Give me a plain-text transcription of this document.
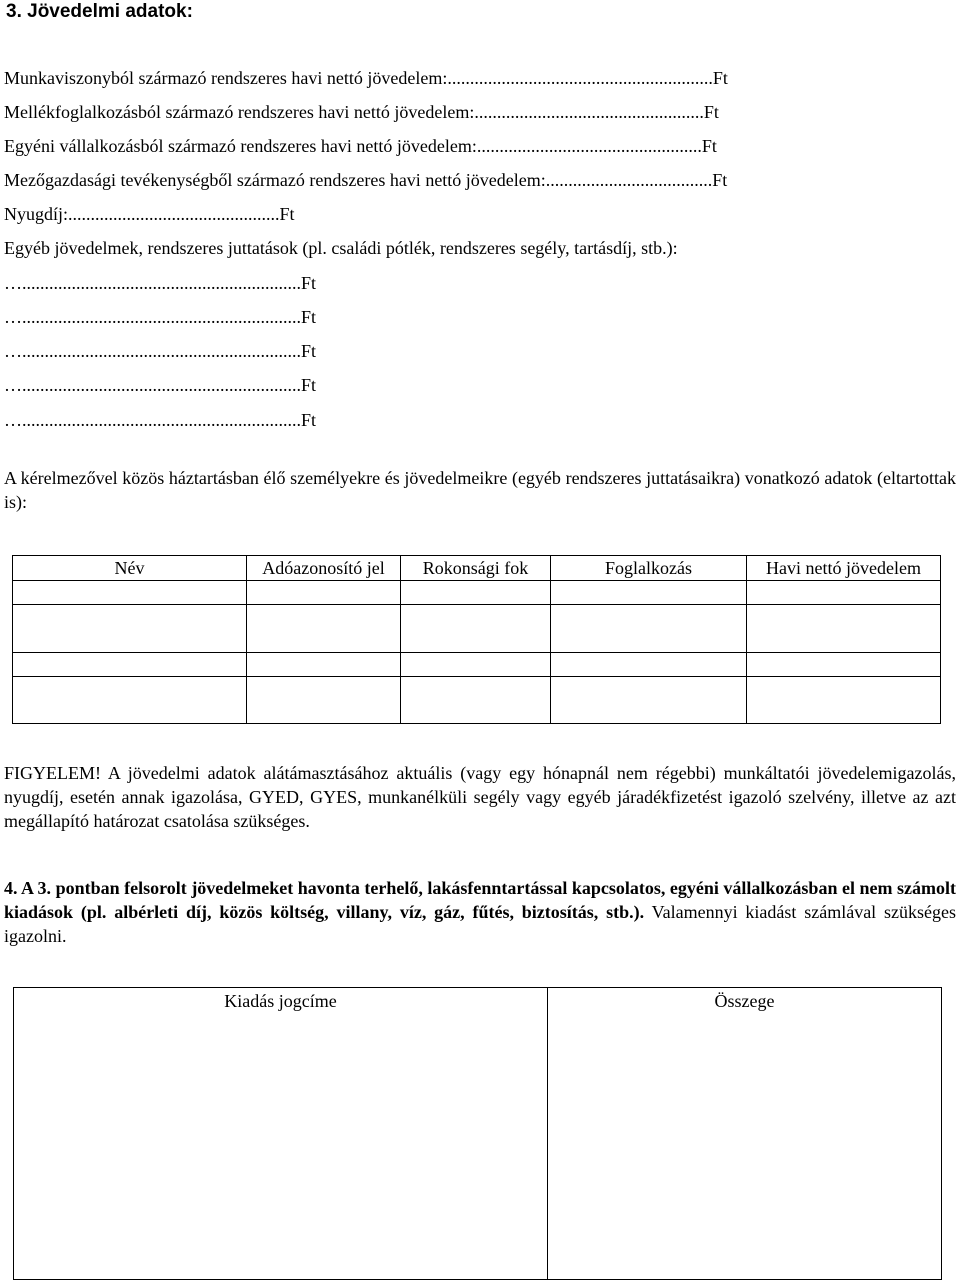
3. Jövedelmi adatok:
Munkaviszonyból származó rendszeres havi nettó jövedelem:...........................................................Ft
Mellékfoglalkozásból származó rendszeres havi nettó jövedelem:...................................................Ft
Egyéni vállalkozásból származó rendszeres havi nettó jövedelem:..................................................Ft
Mezőgazdasági tevékenységből származó rendszeres havi nettó jövedelem:.....................................Ft
Nyugdíj:...............................................Ft
Egyéb jövedelmek, rendszeres juttatások (pl. családi pótlék, rendszeres segély, tartásdíj, stb.):
…..............................................................Ft
…..............................................................Ft
…..............................................................Ft
…..............................................................Ft
…..............................................................Ft
A kérelmezővel közös háztartásban élő személyekre és jövedelmeikre (egyéb rendszeres juttatásaikra) vonatkozó adatok (eltartottak is):
Név	Adóazonosító jel	Rokonsági fok	Foglalkozás	Havi nettó jövedelem

FIGYELEM! A jövedelmi adatok alátámasztásához aktuális (vagy egy hónapnál nem régebbi) munkáltatói jövedelemigazolás, nyugdíj, esetén annak igazolása, GYED, GYES, munkanélküli segély vagy egyéb járadékfizetést igazoló szelvény, illetve az azt megállapító határozat csatolása szükséges.
4. A 3. pontban felsorolt jövedelmeket havonta terhelő, lakásfenntartással kapcsolatos, egyéni vállalkozásban el nem számolt kiadások (pl. albérleti díj, közös költség, villany, víz, gáz, fűtés, biztosítás, stb.). Valamennyi kiadást számlával szükséges igazolni.
Kiadás jogcíme	Összege
